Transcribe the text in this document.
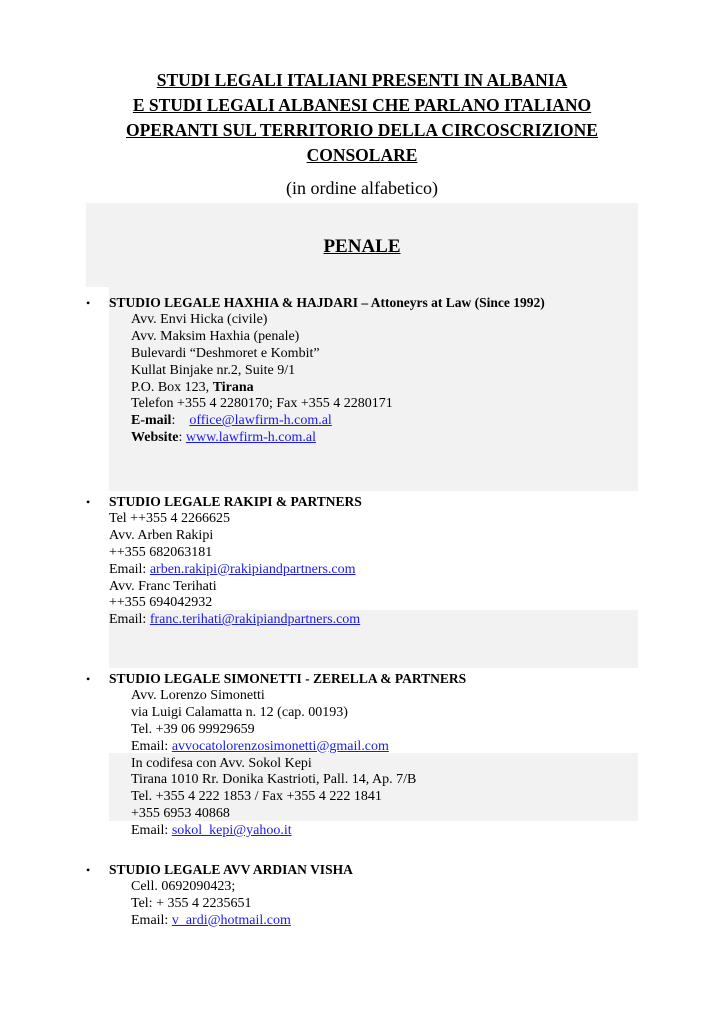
STUDI LEGALI ITALIANI PRESENTI IN ALBANIA
E STUDI LEGALI ALBANESI CHE PARLANO ITALIANO
OPERANTI SUL TERRITORIO DELLA CIRCOSCRIZIONE
CONSOLARE
(in ordine alfabetico)
PENALE
• STUDIO LEGALE HAXHIA & HAJDARI – Attoneyrs at Law (Since 1992)
Avv. Envi Hicka (civile)
Avv. Maksim Haxhia (penale)
Bulevardi “Deshmoret e Kombit”
Kullat Binjake nr.2, Suite 9/1
P.O. Box 123, Tirana
Telefon +355 4 2280170; Fax +355 4 2280171
E-mail:    office@lawfirm-h.com.al
Website: www.lawfirm-h.com.al
• STUDIO LEGALE RAKIPI & PARTNERS
Tel ++355 4 2266625
Avv. Arben Rakipi
++355 682063181
Email: arben.rakipi@rakipiandpartners.com
Avv. Franc Terihati
++355 694042932
Email: franc.terihati@rakipiandpartners.com
• STUDIO LEGALE SIMONETTI - ZERELLA & PARTNERS
Avv. Lorenzo Simonetti
via Luigi Calamatta n. 12 (cap. 00193)
Tel. +39 06 99929659
Email: avvocatolorenzosimonetti@gmail.com
In codifesa con Avv. Sokol Kepi
Tirana 1010 Rr. Donika Kastrioti, Pall. 14, Ap. 7/B
Tel. +355 4 222 1853 / Fax +355 4 222 1841
+355 6953 40868
Email: sokol_kepi@yahoo.it
• STUDIO LEGALE AVV ARDIAN VISHA
Cell. 0692090423;
Tel: + 355 4 2235651
Email: v_ardi@hotmail.com
